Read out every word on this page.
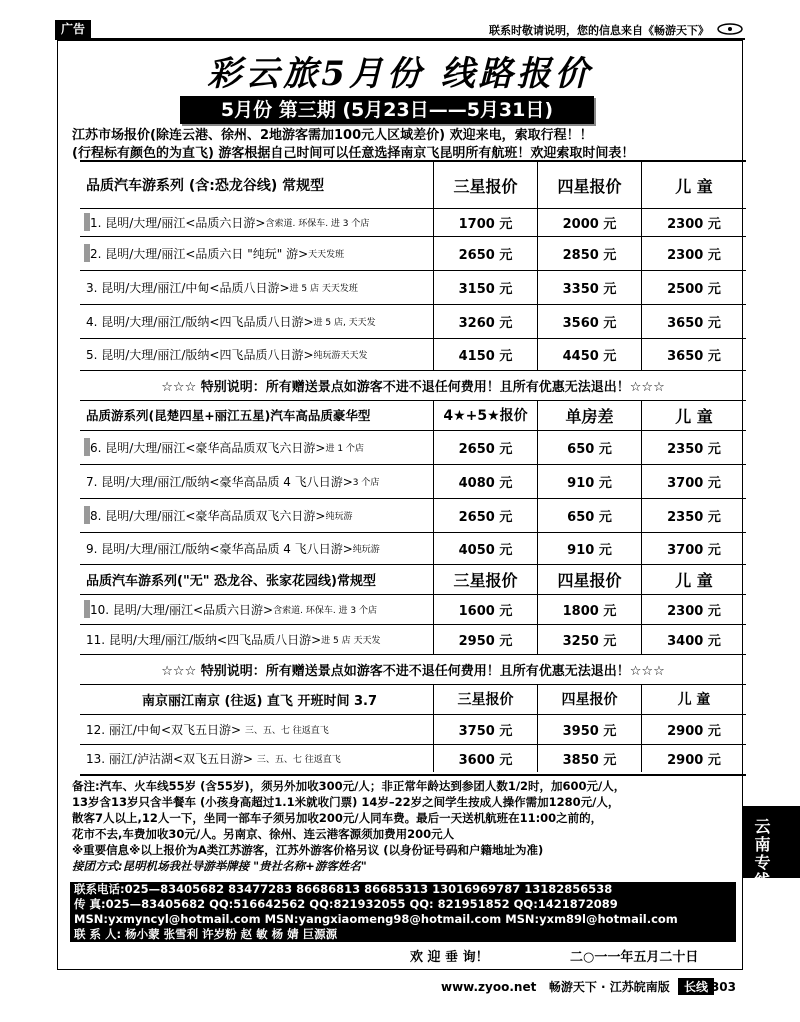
广告	联系时敬请说明，您的信息来自《畅游天下》
彩云旅5月份 线路报价
5月份 第三期 (5月23日——5月31日)
江苏市场报价(除连云港、徐州、2地游客需加100元人区域差价) 欢迎来电，索取行程！！
(行程标有颜色的为直飞) 游客根据自己时间可以任意选择南京飞昆明所有航班！欢迎索取时间表！
品质汽车游系列 (含:恐龙谷线) 常规型	三星报价	四星报价	儿 童
1. 昆明/大理/丽江<品质六日游> 含索道. 环保车. 进 3 个店	1700 元	2000 元	2300 元
2. 昆明/大理/丽江<品质六日 "纯玩" 游> 天天发班	2650 元	2850 元	2300 元
3. 昆明/大理/丽江/中甸<品质八日游> 进 5 店 天天发班	3150 元	3350 元	2500 元
4. 昆明/大理/丽江/版纳<四飞品质八日游> 进 5 店, 天天发	3260 元	3560 元	3650 元
5. 昆明/大理/丽江/版纳<四飞品质八日游> 纯玩游天天发	4150 元	4450 元	3650 元
☆☆☆ 特别说明：所有赠送景点如游客不进不退任何费用！且所有优惠无法退出！☆☆☆
品质游系列(昆楚四星+丽江五星)汽车高品质豪华型	4★+5★报价	单房差	儿 童
6. 昆明/大理/丽江<豪华高品质双飞六日游> 进 1 个店	2650 元	650 元	2350 元
7. 昆明/大理/丽江/版纳<豪华高品质 4 飞八日游> 3 个店	4080 元	910 元	3700 元
8. 昆明/大理/丽江<豪华高品质双飞六日游> 纯玩游	2650 元	650 元	2350 元
9. 昆明/大理/丽江/版纳<豪华高品质 4 飞八日游> 纯玩游	4050 元	910 元	3700 元
品质汽车游系列("无" 恐龙谷、张家花园线)常规型	三星报价	四星报价	儿 童
10. 昆明/大理/丽江<品质六日游> 含索道. 环保车. 进 3 个店	1600 元	1800 元	2300 元
11. 昆明/大理/丽江/版纳<四飞品质八日游> 进 5 店 天天发	2950 元	3250 元	3400 元
☆☆☆ 特别说明：所有赠送景点如游客不进不退任何费用！且所有优惠无法退出！☆☆☆
南京丽江南京 (往返) 直飞 开班时间 3.7	三星报价	四星报价	儿 童
12. 丽江/中甸<双飞五日游>
三、五、七 往返直飞	3750 元	3950 元	2900 元
13. 丽江/泸沽湖<双飞五日游>
三、五、七 往返直飞	3600 元	3850 元	2900 元
备注:汽车、火车线55岁 (含55岁)，须另外加收300元/人；非正常年龄达到参团人数1/2时，加600元/人，
13岁含13岁只含半餐车 (小孩身高超过1.1米就收门票) 14岁–22岁之间学生按成人操作需加1280元/人，
散客7人以上,12人一下，坐同一部车子须另加收200元/人同车费。最后一天送机航班在11:00之前的，
花市不去,车费加收30元/人。另南京、徐州、连云港客源须加费用200元人
※重要信息※以上报价为A类江苏游客，江苏外游客价格另议 (以身份证号码和户籍地址为准)
接团方式:昆明机场我社导游举牌接 "贵社名称+游客姓名"
联系电话:025—83405682 83477283 86686813 86685313 13016969787 13182856538
传 真:025—83405682 QQ:516642562 QQ:821932055 QQ: 821951852 QQ:1421872089
MSN:yxmyncyl@hotmail.com MSN:yangxiaomeng98@hotmail.com MSN:yxm89l@hotmail.com
联 系 人: 杨小蒙 张雪利 许岁粉 赵 敏 杨 婧 巨源源
欢 迎 垂 询！	二○一一年五月二十日
云南专线
www.zyoo.net 畅游天下 · 江苏皖南版 长线 303
